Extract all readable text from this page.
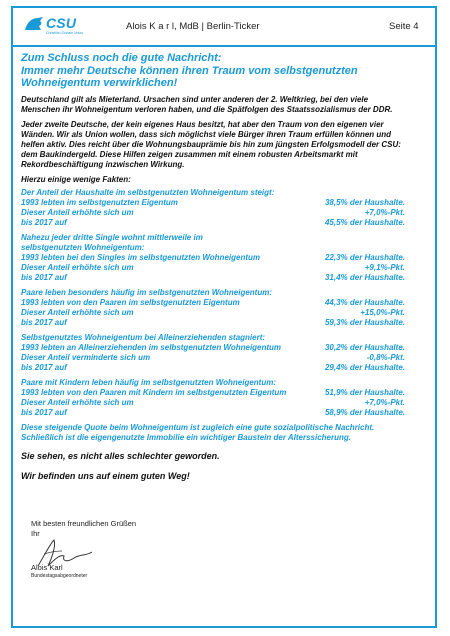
CSU
Christlich-Soziale Union
Alois K a r l, MdB | Berlin-Ticker	Seite 4
Zum Schluss noch die gute Nachricht:
Immer mehr Deutsche können ihren Traum vom selbstgenutzten Wohneigentum verwirklichen!

Deutschland gilt als Mieterland. Ursachen sind unter anderen der 2. Weltkrieg, bei den viele Menschen ihr Wohneigentum verloren haben, und die Spätfolgen des Staatssozialismus der DDR.

Jeder zweite Deutsche, der kein eigenes Haus besitzt, hat aber den Traum von den eigenen vier Wänden. Wir als Union wollen, dass sich möglichst viele Bürger ihren Traum erfüllen können und helfen aktiv. Dies reicht über die Wohnungsbauprämie bis hin zum jüngsten Erfolgsmodell der CSU: dem Baukindergeld. Diese Hilfen zeigen zusammen mit einem robusten Arbeitsmarkt mit Rekordbeschäftigung inzwischen Wirkung.

Hierzu einige wenige Fakten:

Der Anteil der Haushalte im selbstgenutzten Wohneigentum steigt:
1993 lebten im selbstgenutzten Eigentum	38,5% der Haushalte.
Dieser Anteil erhöhte sich um	+7,0%-Pkt.
bis 2017 auf	45,5% der Haushalte.
Nahezu jeder dritte Single wohnt mittlerweile im selbstgenutzten Wohneigentum:
1993 lebten bei den Singles im selbstgenutzten Wohneigentum	22,3% der Haushalte.
Dieser Anteil erhöhte sich um	+9,1%-Pkt.
bis 2017 auf	31,4% der Haushalte.
Paare leben besonders häufig im selbstgenutzten Wohneigentum:
1993 lebten von den Paaren im selbstgenutzten Eigentum	44,3% der Haushalte.
Dieser Anteil erhöhte sich um	+15,0%-Pkt.
bis 2017 auf	59,3% der Haushalte.
Selbstgenutztes Wohneigentum bei Alleinerziehenden stagniert:
1993 lebten an Alleinerziehenden im selbstgenutzten Wohneigentum	30,2% der Haushalte.
Dieser Anteil verminderte sich um	-0,8%-Pkt.
bis 2017 auf	29,4% der Haushalte.
Paare mit Kindern leben häufig im selbstgenutzten Wohneigentum:
1993 lebten von den Paaren mit Kindern im selbstgenutzten Eigentum	51,9% der Haushalte.
Dieser Anteil erhöhte sich um	+7,0%-Pkt.
bis 2017 auf	58,9% der Haushalte.

Diese steigende Quote beim Wohneigentum ist zugleich eine gute sozialpolitische Nachricht. Schließlich ist die eigengenutzte Immobilie ein wichtiger Baustein der Alterssicherung.

Sie sehen, es nicht alles schlechter geworden.

Wir befinden uns auf einem guten Weg!

Mit besten freundlichen Grüßen
Ihr
Alois Karl
Bundestagsabgeordneter
